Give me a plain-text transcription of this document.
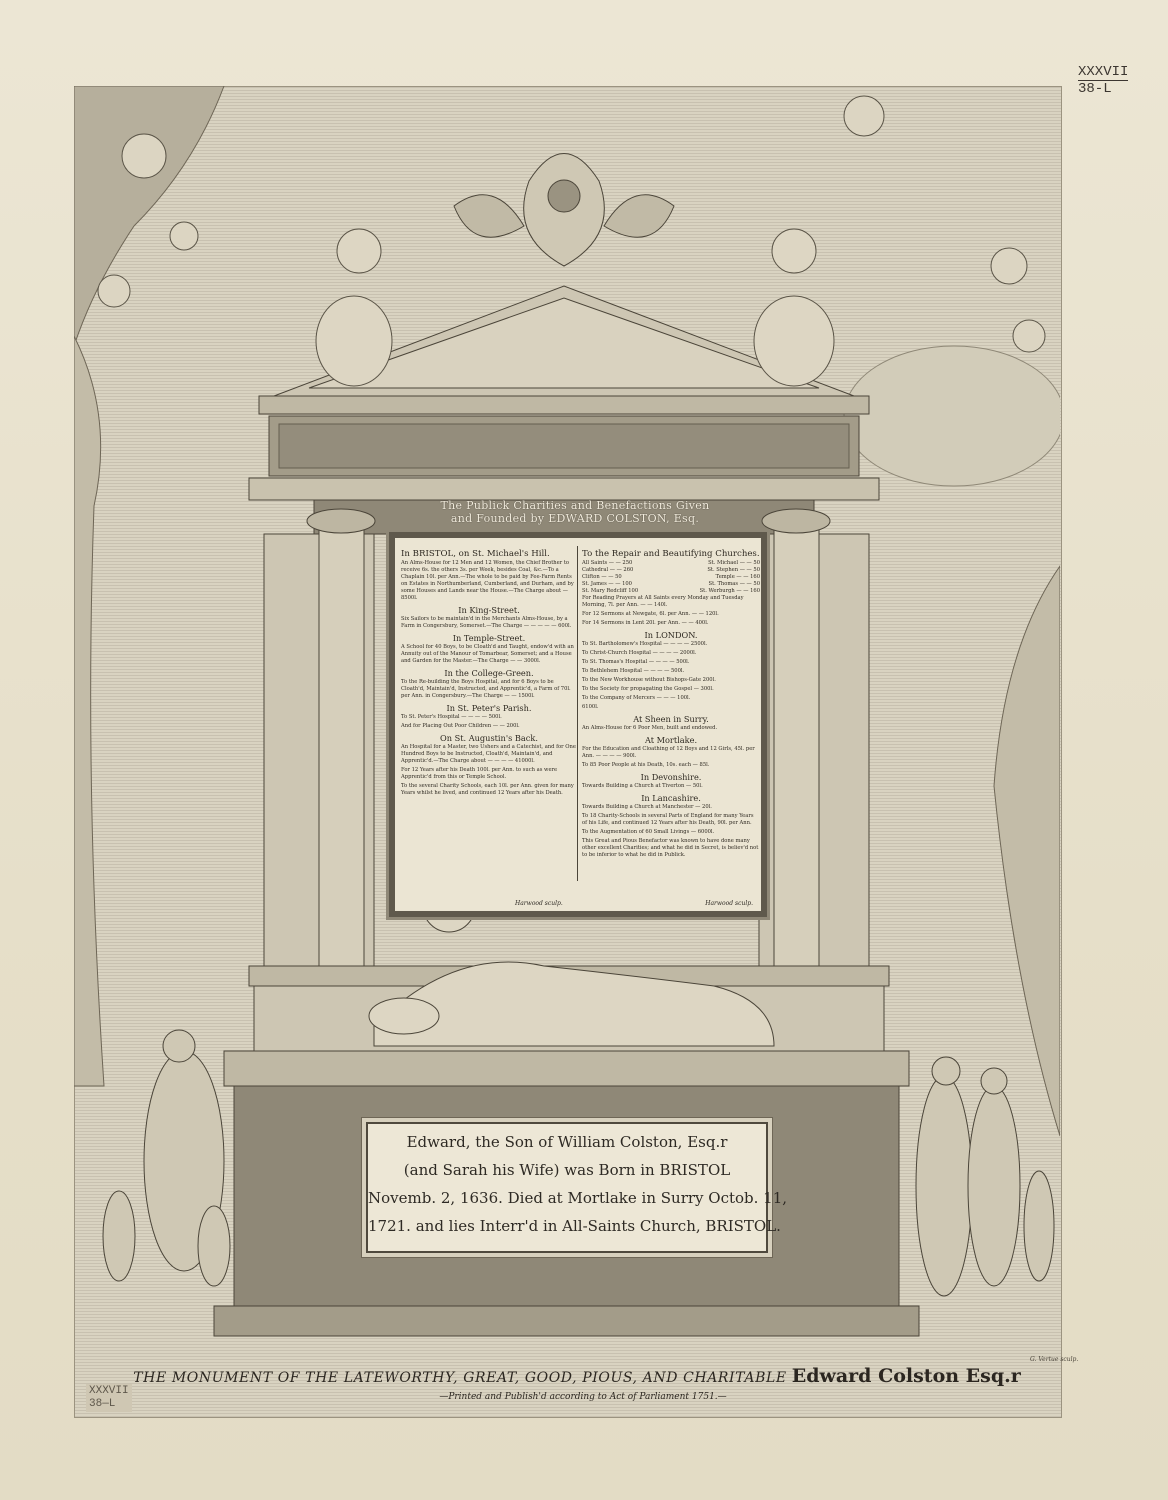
XXXVII
38-L
The Publick Charities and Benefactions Given
and Founded by EDWARD COLSTON, Esq.
In BRISTOL, on St. Michael's Hill.
An Alms-House for 12 Men and 12 Women, the Chief Brother to receive 6s. the others 3s. per Week, besides Coal, &c.—To a Chaplain 10l. per Ann.—The whole to be paid by Fee-Farm Rents on Estates in Northumberland, Cumberland, and Durham, and by some Houses and Lands near the House.—The Charge about —8500l.
In King-Street.
Six Sailors to be maintain'd in the Merchants Alms-House, by a Farm in Congersbury, Somerset.—The Charge — — — — — 600l.
In Temple-Street.
A School for 40 Boys, to be Cloath'd and Taught, endow'd with an Annuity out of the Manour of Tomarbear, Somerset; and a House and Garden for the Master.—The Charge — — 3000l.
In the College-Green.
To the Re-building the Boys Hospital, and for 6 Boys to be Cloath'd, Maintain'd, Instructed, and Apprentic'd, a Farm of 70l. per Ann. in Congersbury.—The Charge — — 1500l.
In St. Peter's Parish.
To St. Peter's Hospital — — — — 500l.
And for Placing Out Poor Children — — 200l.
On St. Augustin's Back.
An Hospital for a Master, two Ushers and a Catechist, and for One Hundred Boys to be Instructed, Cloath'd, Maintain'd, and Apprentic'd.—The Charge about — — — — 41000l.
For 12 Years after his Death 100l. per Ann. to such as were Apprentic'd from this or Temple School.
To the several Charity Schools, each 10l. per Ann. given for many Years whilst he lived, and continued 12 Years after his Death.
To the Repair and Beautifying Churches.
All Saints — — 250	St. Michael — — 50
Cathedral — — 260	St. Stephen — — 50
Clifton — — 50	Temple — — 160
St. James — — 100	St. Thomas — — 50
St. Mary Redcliff 100	St. Werburgh — — 160
For Reading Prayers at All Saints every Monday and Tuesday Morning, 7l. per Ann. — — 140l.
For 12 Sermons at Newgate, 6l. per Ann. — — 120l.
For 14 Sermons in Lent 20l. per Ann. — — 400l.
In LONDON.
To St. Bartholomew's Hospital — — — — 2500l.
To Christ-Church Hospital — — — — 2000l.
To St. Thomas's Hospital — — — — 500l.
To Bethlehem Hospital — — — — 500l.
To the New Workhouse without Bishops-Gate 200l.
To the Society for propagating the Gospel — 300l.
To the Company of Mercers — — — 100l.
6100l.
At Sheen in Surry.
An Alms-House for 6 Poor Men, built and endowed.
At Mortlake.
For the Education and Cloathing of 12 Boys and 12 Girls, 45l. per Ann. — — — — 900l.
To 85 Poor People at his Death, 10s. each — 85l.
In Devonshire.
Towards Building a Church at Tiverton — 50l.
In Lancashire.
Towards Building a Church at Manchester — 20l.
To 18 Charity-Schools in several Parts of England for many Years of his Life, and continued 12 Years after his Death, 90l. per Ann.
To the Augmentation of 60 Small Livings — 6000l.
This Great and Pious Benefactor was known to have done many other excellent Charities; and what he did in Secret, is believ'd not to be inferior to what he did in Publick.
Harwood sculp.	Harwood sculp.
Edward, the Son of William Colston, Esq.r
(and Sarah his Wife) was Born in BRISTOL
Novemb. 2, 1636. Died at Mortlake in Surry Octob. 11,
1721. and lies Interr'd in All-Saints Church, BRISTOL.
G. Vertue sculp.
THE MONUMENT OF THE LATEWORTHY, GREAT, GOOD, PIOUS, AND CHARITABLE Edward Colston Esq.r
XXXVII
38—L
—Printed and Publish'd according to Act of Parliament 1751.—
